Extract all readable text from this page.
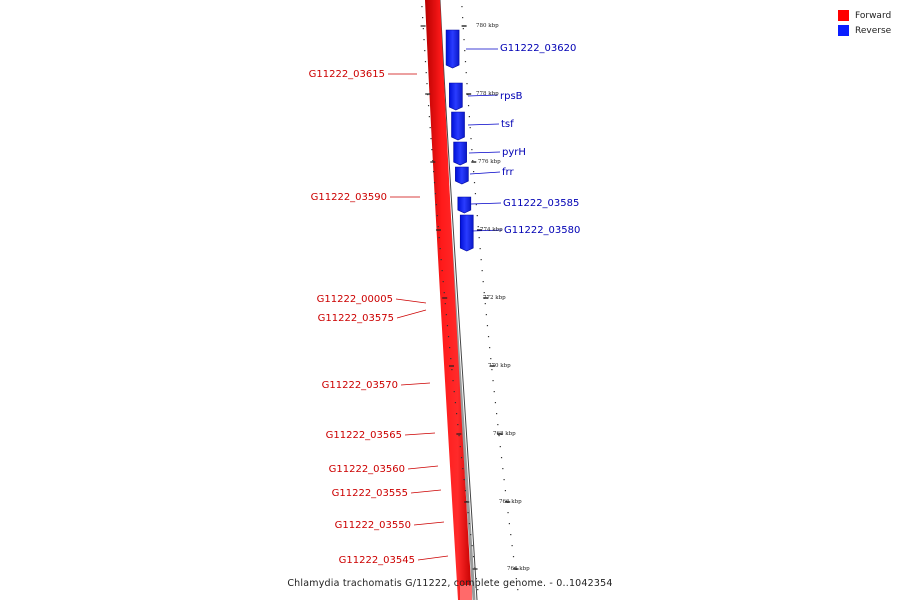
G11222_03620
rpsB
tsf
pyrH
frr
G11222_03585
G11222_03580
G11222_03615
G11222_03590
G11222_00005
G11222_03575
G11222_03570
G11222_03565
G11222_03560
G11222_03555
G11222_03550
G11222_03545
780 kbp
778 kbp
776 kbp
774 kbp
772 kbp
770 kbp
768 kbp
766 kbp
764 kbp
Forward
Reverse
Chlamydia trachomatis G/11222, complete genome. - 0..1042354
